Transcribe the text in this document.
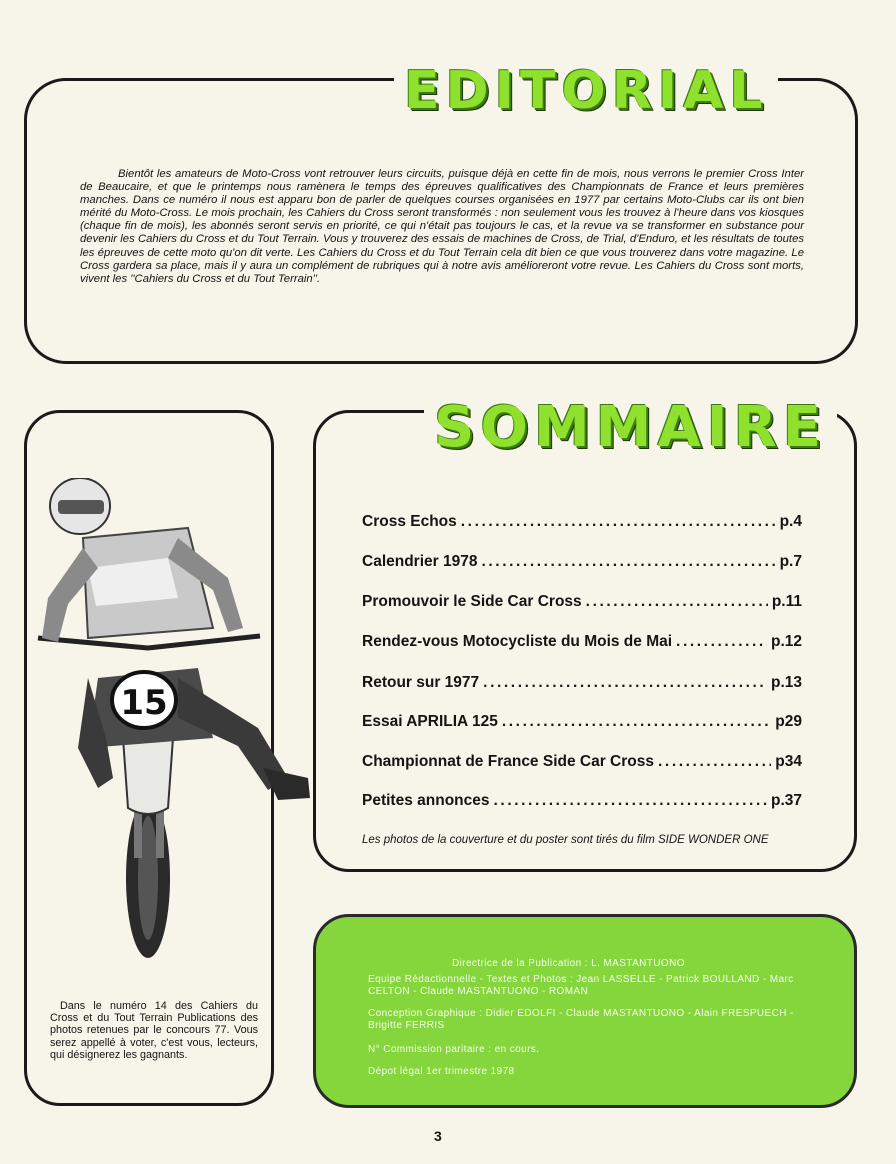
EDITORIAL

Bientôt les amateurs de Moto-Cross vont retrouver leurs circuits, puisque déjà en cette fin de mois, nous verrons le premier Cross Inter de Beaucaire, et que le printemps nous ramènera le temps des épreuves qualificatives des Championnats de France et leurs premières manches. Dans ce numéro il nous est apparu bon de parler de quelques courses organisées en 1977 par certains Moto-Clubs car ils ont bien mérité du Moto-Cross. Le mois prochain, les Cahiers du Cross seront transformés : non seulement vous les trouvez à l'heure dans vos kiosques (chaque fin de mois), les abonnés seront servis en priorité, ce qui n'était pas toujours le cas, et la revue va se transformer en substance pour devenir les Cahiers du Cross et du Tout Terrain. Vous y trouverez des essais de machines de Cross, de Trial, d'Enduro, et les résultats de toutes les épreuves de cette moto qu'on dit verte. Les Cahiers du Cross et du Tout Terrain cela dit bien ce que vous trouverez dans votre magazine. Le Cross gardera sa place, mais il y aura un complément de rubriques qui à notre avis amélioreront votre revue. Les Cahiers du Cross sont morts, vivent les ''Cahiers du Cross et du Tout Terrain''.

15

Dans le numéro 14 des Cahiers du Cross et du Tout Terrain Publications des photos retenues par le concours 77. Vous serez appellé à voter, c'est vous, lecteurs, qui désignerez les gagnants.

SOMMAIRE
Cross Echos .....	p.4
Calendrier 1978 .....	p.7
Promouvoir le Side Car Cross .....	p.11
Rendez-vous Motocycliste du Mois de Mai .....	p.12
Retour sur 1977 .....	p.13
Essai APRILIA 125 .....	p29
Championnat de France Side Car Cross .....	p34
Petites annonces .....	p.37

Les photos de la couverture et du poster sont tirés du film SIDE WONDER ONE

Directrice de la Publication : L. MASTANTUONO

Equipe Rédactionnelle - Textes et Photos : Jean LASSELLE - Patrick BOULLAND - Marc CELTON - Claude MASTANTUONO - ROMAN

Conception Graphique : Didier EDOLFI - Claude MASTANTUONO - Alain FRESPUECH - Brigitte FERRIS

N° Commission paritaire : en cours.

Dépot légal 1er trimestre 1978

3
